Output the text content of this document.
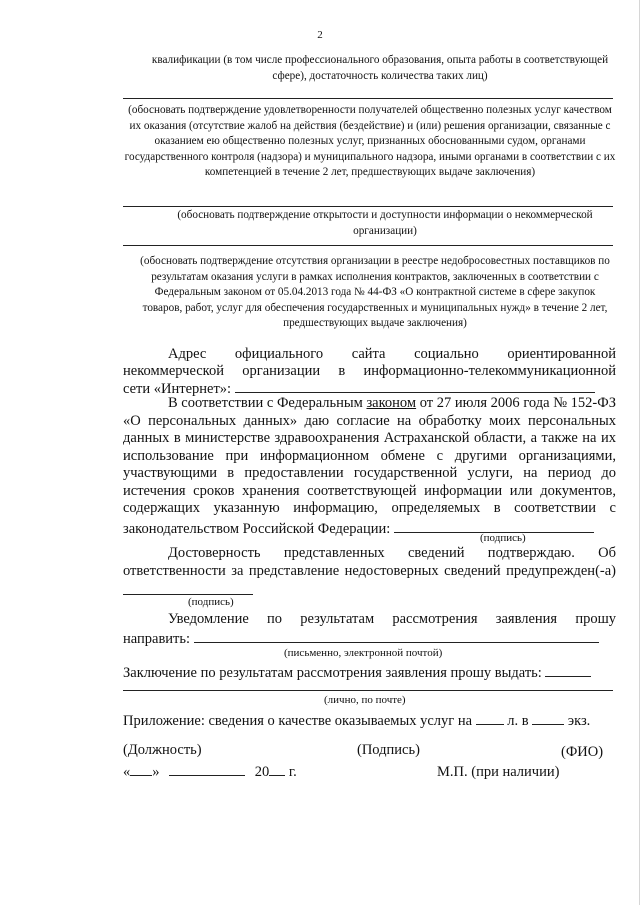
2
квалификации (в том числе профессионального образования, опыта работы в соответствующей сфере), достаточность количества таких лиц)
(обосновать подтверждение удовлетворенности получателей общественно полезных услуг качеством их оказания (отсутствие жалоб на действия (бездействие) и (или) решения организации, связанные с оказанием ею общественно полезных услуг, признанных обоснованными судом, органами государственного контроля (надзора) и муниципального надзора, иными органами в соответствии с их компетенцией в течение 2 лет, предшествующих выдаче заключения)
(обосновать подтверждение открытости и доступности информации о некоммерческой организации)
(обосновать подтверждение отсутствия организации в реестре недобросовестных поставщиков по результатам оказания услуги в рамках исполнения контрактов, заключенных в соответствии с Федеральным законом от 05.04.2013 года № 44-ФЗ «О контрактной системе в сфере закупок товаров, работ, услуг для обеспечения государственных и муниципальных нужд» в течение 2 лет, предшествующих выдаче заключения)
Адрес официального сайта социально ориентированной
некоммерческой организации в информационно-телекоммуникационной
сети «Интернет»:
В соответствии с Федеральным законом от 27 июля 2006 года № 152-ФЗ «О персональных данных» даю согласие на обработку моих персональных данных в министерстве здравоохранения Астраханской области, а также на их использование при информационном обмене с другими организациями, участвующими в предоставлении государственной услуги, на период до истечения сроков хранения соответствующей информации или документов, содержащих указанную информацию, определяемых в соответствии с законодательством Российской Федерации:
(подпись)
Достоверность представленных сведений подтверждаю. Об ответственности за представление недостоверных сведений предупрежден(-а)
(подпись)
Уведомление по результатам рассмотрения заявления прошу
направить:
(письменно, электронной почтой)
Заключение по результатам рассмотрения заявления прошу выдать:
(лично, по почте)
Приложение: сведения о качестве оказываемых услуг на л. в	экз.
(Должность)	(Подпись)	(ФИО)
« »	20 г.	М.П. (при наличии)
